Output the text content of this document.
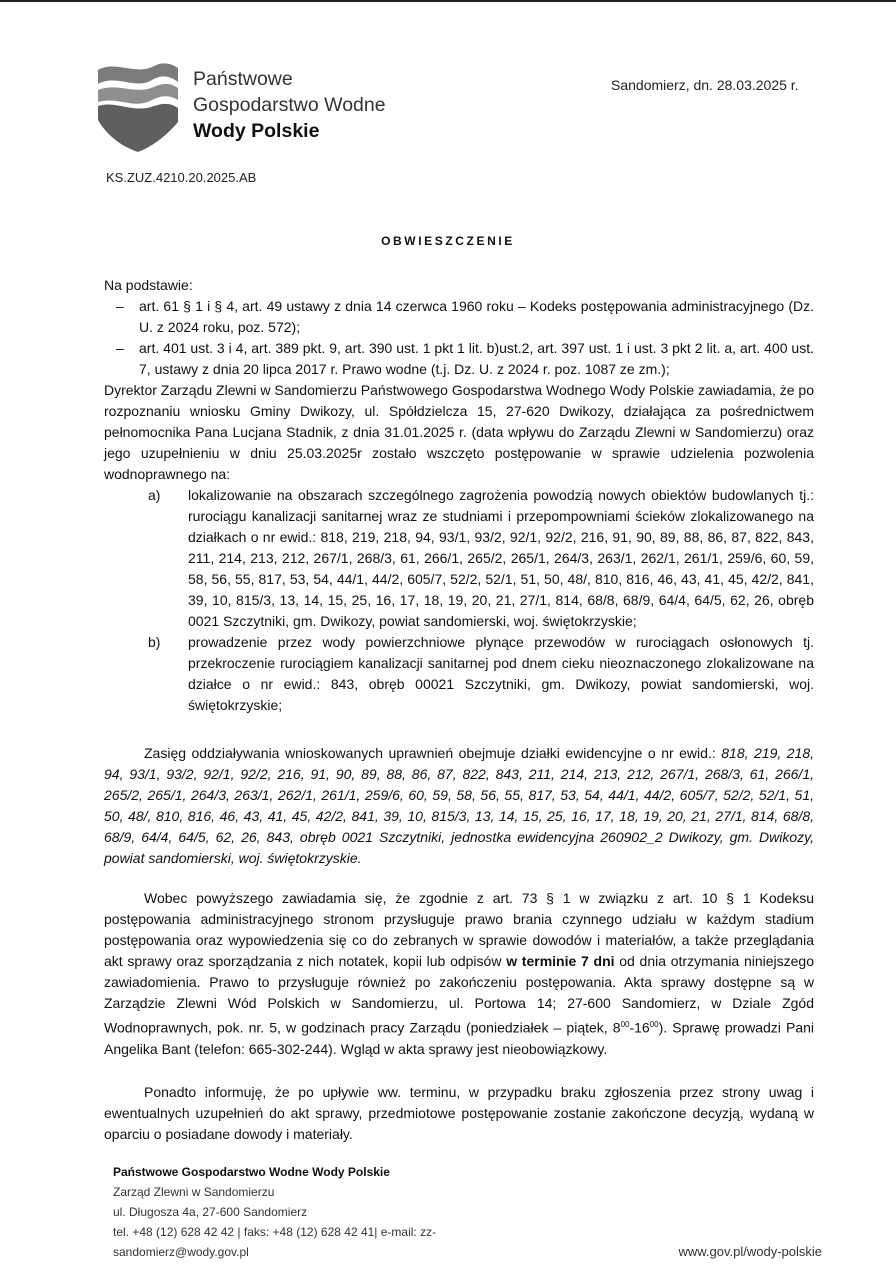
Państwowe
Gospodarstwo Wodne
Wody Polskie
Sandomierz, dn. 28.03.2025 r.
KS.ZUZ.4210.20.2025.AB
OBWIESZCZENIE
Na podstawie:
– art. 61 § 1 i § 4, art. 49 ustawy z dnia 14 czerwca 1960 roku – Kodeks postępowania administracyjnego (Dz. U. z 2024 roku, poz. 572);
– art. 401 ust. 3 i 4, art. 389 pkt. 9, art. 390 ust. 1 pkt 1 lit. b)ust.2, art. 397 ust. 1 i ust. 3 pkt 2 lit. a, art. 400 ust. 7, ustawy z dnia 20 lipca 2017 r. Prawo wodne (t.j. Dz. U. z 2024 r. poz. 1087 ze zm.);
Dyrektor Zarządu Zlewni w Sandomierzu Państwowego Gospodarstwa Wodnego Wody Polskie zawiadamia, że po rozpoznaniu wniosku Gminy Dwikozy, ul. Spółdzielcza 15, 27-620 Dwikozy, działająca za pośrednictwem pełnomocnika Pana Lucjana Stadnik, z dnia 31.01.2025 r. (data wpływu do Zarządu Zlewni w Sandomierzu) oraz jego uzupełnieniu w dniu 25.03.2025r zostało wszczęto postępowanie w sprawie udzielenia pozwolenia wodnoprawnego na:
a) lokalizowanie na obszarach szczególnego zagrożenia powodzią nowych obiektów budowlanych tj.: rurociągu kanalizacji sanitarnej wraz ze studniami i przepompowniami ścieków zlokalizowanego na działkach o nr ewid.: 818, 219, 218, 94, 93/1, 93/2, 92/1, 92/2, 216, 91, 90, 89, 88, 86, 87, 822, 843, 211, 214, 213, 212, 267/1, 268/3, 61, 266/1, 265/2, 265/1, 264/3, 263/1, 262/1, 261/1, 259/6, 60, 59, 58, 56, 55, 817, 53, 54, 44/1, 44/2, 605/7, 52/2, 52/1, 51, 50, 48/, 810, 816, 46, 43, 41, 45, 42/2, 841, 39, 10, 815/3, 13, 14, 15, 25, 16, 17, 18, 19, 20, 21, 27/1, 814, 68/8, 68/9, 64/4, 64/5, 62, 26, obręb 0021 Szczytniki, gm. Dwikozy, powiat sandomierski, woj. świętokrzyskie;
b) prowadzenie przez wody powierzchniowe płynące przewodów w rurociągach osłonowych tj. przekroczenie rurociągiem kanalizacji sanitarnej pod dnem cieku nieoznaczonego zlokalizowane na działce o nr ewid.: 843, obręb 00021 Szczytniki, gm. Dwikozy, powiat sandomierski, woj. świętokrzyskie;
Zasięg oddziaływania wnioskowanych uprawnień obejmuje działki ewidencyjne o nr ewid.: 818, 219, 218, 94, 93/1, 93/2, 92/1, 92/2, 216, 91, 90, 89, 88, 86, 87, 822, 843, 211, 214, 213, 212, 267/1, 268/3, 61, 266/1, 265/2, 265/1, 264/3, 263/1, 262/1, 261/1, 259/6, 60, 59, 58, 56, 55, 817, 53, 54, 44/1, 44/2, 605/7, 52/2, 52/1, 51, 50, 48/, 810, 816, 46, 43, 41, 45, 42/2, 841, 39, 10, 815/3, 13, 14, 15, 25, 16, 17, 18, 19, 20, 21, 27/1, 814, 68/8, 68/9, 64/4, 64/5, 62, 26, 843, obręb 0021 Szczytniki, jednostka ewidencyjna 260902_2 Dwikozy, gm. Dwikozy, powiat sandomierski, woj. świętokrzyskie.
Wobec powyższego zawiadamia się, że zgodnie z art. 73 § 1 w związku z art. 10 § 1 Kodeksu postępowania administracyjnego stronom przysługuje prawo brania czynnego udziału w każdym stadium postępowania oraz wypowiedzenia się co do zebranych w sprawie dowodów i materiałów, a także przeglądania akt sprawy oraz sporządzania z nich notatek, kopii lub odpisów w terminie 7 dni od dnia otrzymania niniejszego zawiadomienia. Prawo to przysługuje również po zakończeniu postępowania. Akta sprawy dostępne są w Zarządzie Zlewni Wód Polskich w Sandomierzu, ul. Portowa 14; 27-600 Sandomierz, w Dziale Zgód Wodnoprawnych, pok. nr. 5, w godzinach pracy Zarządu (poniedziałek – piątek, $8^{00}-16^{00}$). Sprawę prowadzi Pani Angelika Bant (telefon: 665-302-244). Wgląd w akta sprawy jest nieobowiązkowy.
Ponadto informuję, że po upływie ww. terminu, w przypadku braku zgłoszenia przez strony uwag i ewentualnych uzupełnień do akt sprawy, przedmiotowe postępowanie zostanie zakończone decyzją, wydaną w oparciu o posiadane dowody i materiały.
Państwowe Gospodarstwo Wodne Wody Polskie
Zarząd Zlewni w Sandomierzu
ul. Długosza 4a, 27-600 Sandomierz
tel. +48 (12) 628 42 42 | faks: +48 (12) 628 42 41| e-mail: zz-
sandomierz@wody.gov.pl	www.gov.pl/wody-polskie
